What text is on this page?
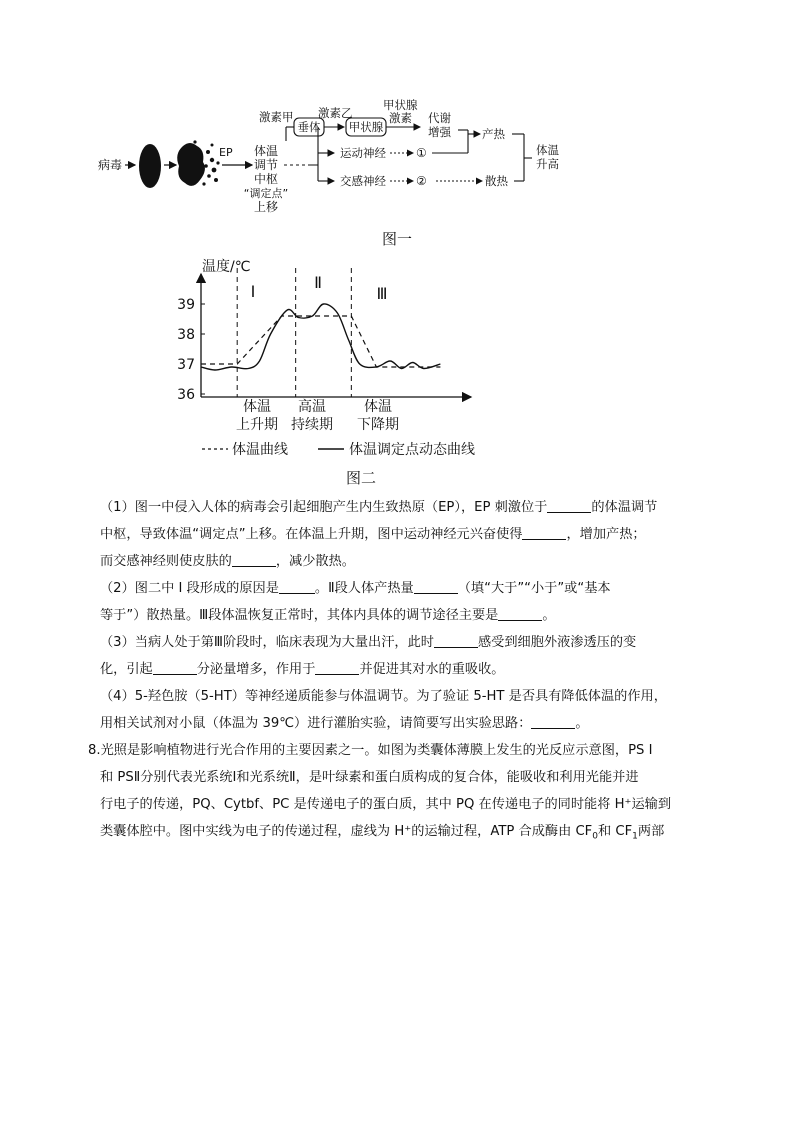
病毒
EP 体温
调节
中枢
“调定点”
上移
激素甲
垂体
激素乙
甲状腺
甲状腺
激素 代谢
增强
运动神经	①
交感神经	②
产热
散热
体温
升高
图一
温度/℃
36
37
38
39
Ⅰ	Ⅱ
Ⅲ
体温
上升期
高温
持续期
体温
下降期
体温曲线	体温调定点动态曲线
图二

（1）图一中侵入人体的病毒会引起细胞产生内生致热原（EP），EP 刺激位于	的体温调节

中枢，导致体温“调定点”上移。在体温上升期，图中运动神经元兴奋使得	，增加产热；

而交感神经则使皮肤的	，减少散热。

（2）图二中 I 段形成的原因是	。Ⅱ段人体产热量	（填“大于”“小于”或“基本

等于”）散热量。Ⅲ段体温恢复正常时，其体内具体的调节途径主要是	。

（3）当病人处于第Ⅲ阶段时，临床表现为大量出汗，此时	感受到细胞外液渗透压的变

化，引起	分泌量增多，作用于	并促进其对水的重吸收。

（4）5-羟色胺（5-HT）等神经递质能参与体温调节。为了验证 5-HT 是否具有降低体温的作用，

用相关试剂对小鼠（体温为 39℃）进行灌胎实验，请简要写出实验思路：	。

8.光照是影响植物进行光合作用的主要因素之一。如图为类囊体薄膜上发生的光反应示意图，PS I

和 PSⅡ分别代表光系统Ⅰ和光系统Ⅱ，是叶绿素和蛋白质构成的复合体，能吸收和利用光能并进

行电子的传递，PQ、Cytbf、PC 是传递电子的蛋白质，其中 PQ 在传递电子的同时能将 H⁺运输到

类囊体腔中。图中实线为电子的传递过程，虚线为 H⁺的运输过程，ATP 合成酶由 $CF_0$和 $CF_1$两部
